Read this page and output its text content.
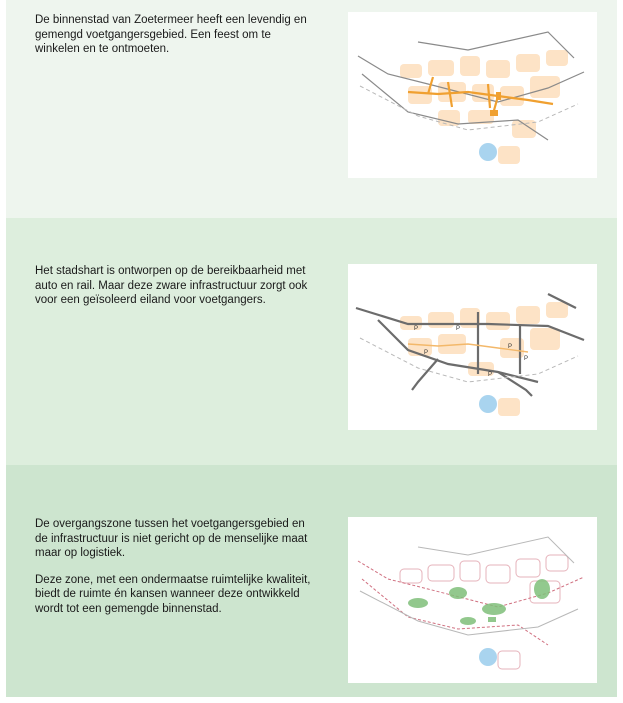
De binnenstad van Zoetermeer heeft een levendig en gemengd voetgangersgebied. Een feest om te winkelen en te ontmoeten.

Het stadshart is ontworpen op de bereikbaarheid met auto en rail. Maar deze zware infrastructuur zorgt ook voor een geïsoleerd eiland voor voetgangers.

P	P
P
P
P
P

De overgangszone tussen het voetgangersgebied en de infrastructuur is niet gericht op de menselijke maat maar op logistiek.

Deze zone, met een ondermaatse ruimtelijke kwaliteit, biedt de ruimte én kansen wanneer deze ontwikkeld wordt tot een gemengde binnenstad.
